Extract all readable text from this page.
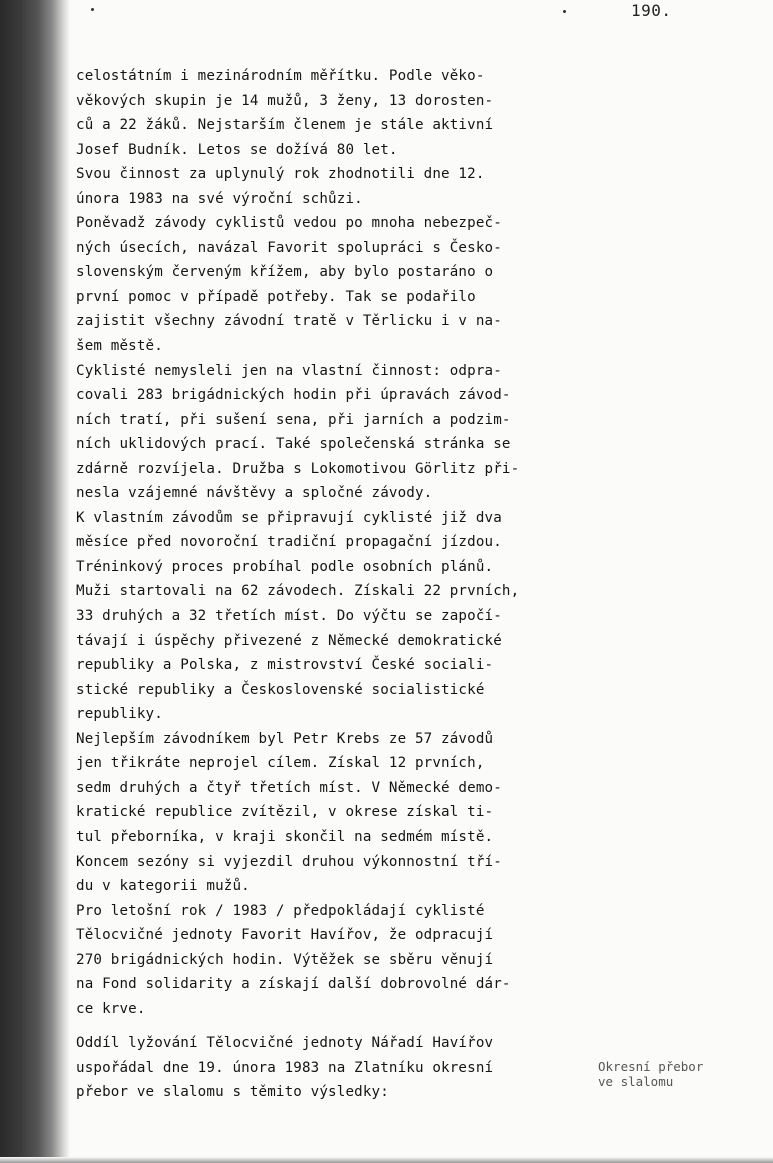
190.
celostátním i mezinárodním měřítku. Podle věko-
věkových skupin je 14 mužů, 3 ženy, 13 dorosten-
ců a 22 žáků. Nejstarším členem je stále aktivní
Josef Budník. Letos se dožívá 80 let.
Svou činnost za uplynulý rok zhodnotili dne 12.
února 1983 na své výroční schůzi.
Poněvadž závody cyklistů vedou po mnoha nebezpeč-
ných úsecích, navázal Favorit spolupráci s Česko-
slovenským červeným křížem, aby bylo postaráno o
první pomoc v případě potřeby. Tak se podařilo
zajistit všechny závodní tratě v Těrlicku i v na-
šem městě.
Cyklisté nemysleli jen na vlastní činnost: odpra-
covali 283 brigádnických hodin při úpravách závod-
ních tratí, při sušení sena, při jarních a podzim-
ních uklidových prací. Také společenská stránka se
zdárně rozvíjela. Družba s Lokomotivou Görlitz při-
nesla vzájemné návštěvy a spločné závody.
K vlastním závodům se připravují cyklisté již dva
měsíce před novoroční tradiční propagační jízdou.
Tréninkový proces probíhal podle osobních plánů.
Muži startovali na 62 závodech. Získali 22 prvních,
33 druhých a 32 třetích míst. Do výčtu se započí-
távají i úspěchy přivezené z Německé demokratické
republiky a Polska, z mistrovství České sociali-
stické republiky a Československé socialistické
republiky.
Nejlepším závodníkem byl Petr Krebs ze 57 závodů
jen třikráte neprojel cílem. Získal 12 prvních,
sedm druhých a čtyř třetích míst. V Německé demo-
kratické republice zvítězil, v okrese získal ti-
tul přeborníka, v kraji skončil na sedmém místě.
Koncem sezóny si vyjezdil druhou výkonnostní tří-
du v kategorii mužů.
Pro letošní rok / 1983 / předpokládají cyklisté
Tělocvičné jednoty Favorit Havířov, že odpracují
270 brigádnických hodin. Výtěžek se sběru věnují
na Fond solidarity a získají další dobrovolné dár-
ce krve.
Oddíl lyžování Tělocvičné jednoty Nářadí Havířov
uspořádal dne 19. února 1983 na Zlatníku okresní
přebor ve slalomu s těmito výsledky:
Okresní přebor
ve slalomu
